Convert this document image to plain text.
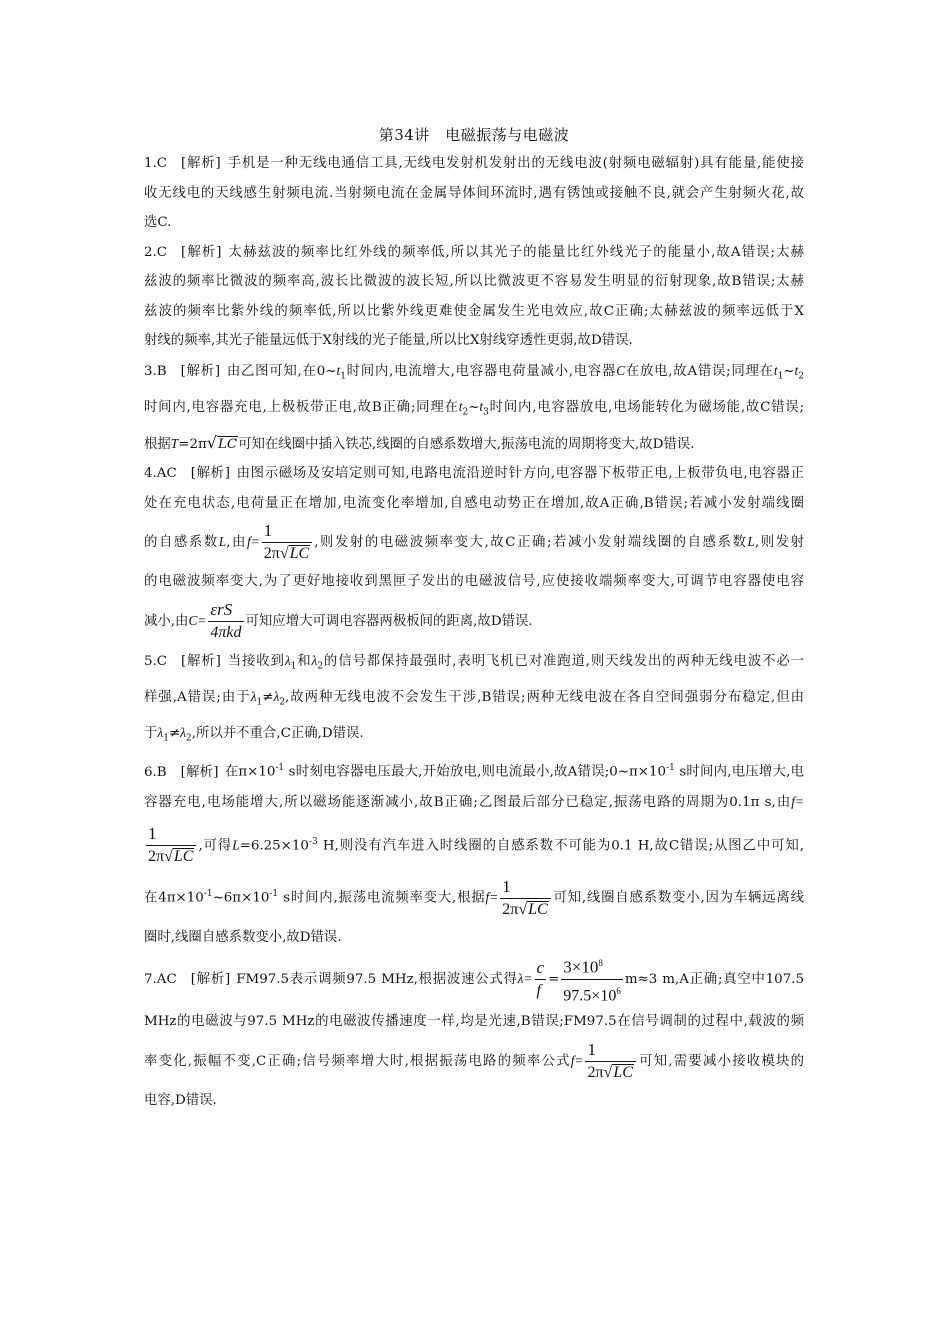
第34讲　电磁振荡与电磁波
1.C [解析] 手机是一种无线电通信工具,无线电发射机发射出的无线电波(射频电磁辐射)具有能量,能使接
收无线电的天线感生射频电流.当射频电流在金属导体间环流时,遇有锈蚀或接触不良,就会产生射频火花,故
选C.
2.C [解析] 太赫兹波的频率比红外线的频率低,所以其光子的能量比红外线光子的能量小,故A错误;太赫
兹波的频率比微波的频率高,波长比微波的波长短,所以比微波更不容易发生明显的衍射现象,故B错误;太赫
兹波的频率比紫外线的频率低,所以比紫外线更难使金属发生光电效应,故C正确;太赫兹波的频率远低于X
射线的频率,其光子能量远低于X射线的光子能量,所以比X射线穿透性更弱,故D错误.
3.B [解析] 由乙图可知,在$0\sim t_1$时间内,电流增大,电容器电荷量减小,电容器C在放电,故A错误;同理在$t_1\sim t_2$
时间内,电容器充电,上极板带正电,故B正确;同理在$t_2\sim t_3$时间内,电容器放电,电场能转化为磁场能,故C错误;
根据T=2π√LC可知在线圈中插入铁芯,线圈的自感系数增大,振荡电流的周期将变大,故D错误.
4.AC [解析] 由图示磁场及安培定则可知,电路电流沿逆时针方向,电容器下板带正电,上板带负电,电容器正
处在充电状态,电荷量正在增加,电流变化率增加,自感电动势正在增加,故A正确,B错误;若减小发射端线圈
的自感系数L,由$f= \frac{1}{2\pi√LC}$ ,则发射的电磁波频率变大,故C正确;若减小发射端线圈的自感系数L,则发射
的电磁波频率变大,为了更好地接收到黑匣子发出的电磁波信号,应使接收端频率变大,可调节电容器使电容
减小,由$C= \frac{\text{εrS}}{\text{4πkd}}$ 可知应增大可调电容器两极板间的距离,故D错误.
5.C [解析] 当接收到$\lambda_1$和$\lambda_2$的信号都保持最强时,表明飞机已对准跑道,则天线发出的两种无线电波不必一
样强,A错误;由于$\lambda_1\ne\lambda_2$,故两种无线电波不会发生干涉,B错误;两种无线电波在各自空间强弱分布稳定,但由
于$\lambda_1\ne\lambda_2$,所以并不重合,C正确,D错误.
6.B [解析] 在$\pi\times 10^{-1}$ s时刻电容器电压最大,开始放电,则电流最小,故A错误$;0\sim\pi\times 10^{-1}$ s时间内,电压增大,电
容器充电,电场能增大,所以磁场能逐渐减小,故B正确;乙图最后部分已稳定,振荡电路的周期为0.1π s,由f=
$\frac{1}{2\pi√LC}$ ,可得$L=6.25\times 10^{-3}$ H,则没有汽车进入时线圈的自感系数不可能为0.1 H,故C错误;从图乙中可知,
在$4\pi\times 10^{-1}\sim 6\pi\times 10^{-1}$ s时间内,振荡电流频率变大,根据$f= \frac{1}{2\pi√LC}$ 可知,线圈自感系数变小,因为车辆远离线
圈时,线圈自感系数变小,故D错误.
7.AC [解析] FM97.5表示调频97.5 MHz,根据波速公式得$\lambda= \frac{c}{f} = \frac{3\times 10^8}{97.5\times 10^6} m\approx 3$ m,A正确;真空中107.5
MHz的电磁波与97.5 MHz的电磁波传播速度一样,均是光速,B错误;FM97.5在信号调制的过程中,载波的频
率变化,振幅不变,C正确;信号频率增大时,根据振荡电路的频率公式$f= \frac{1}{2\pi√LC}$ 可知,需要减小接收模块的
电容,D错误.
